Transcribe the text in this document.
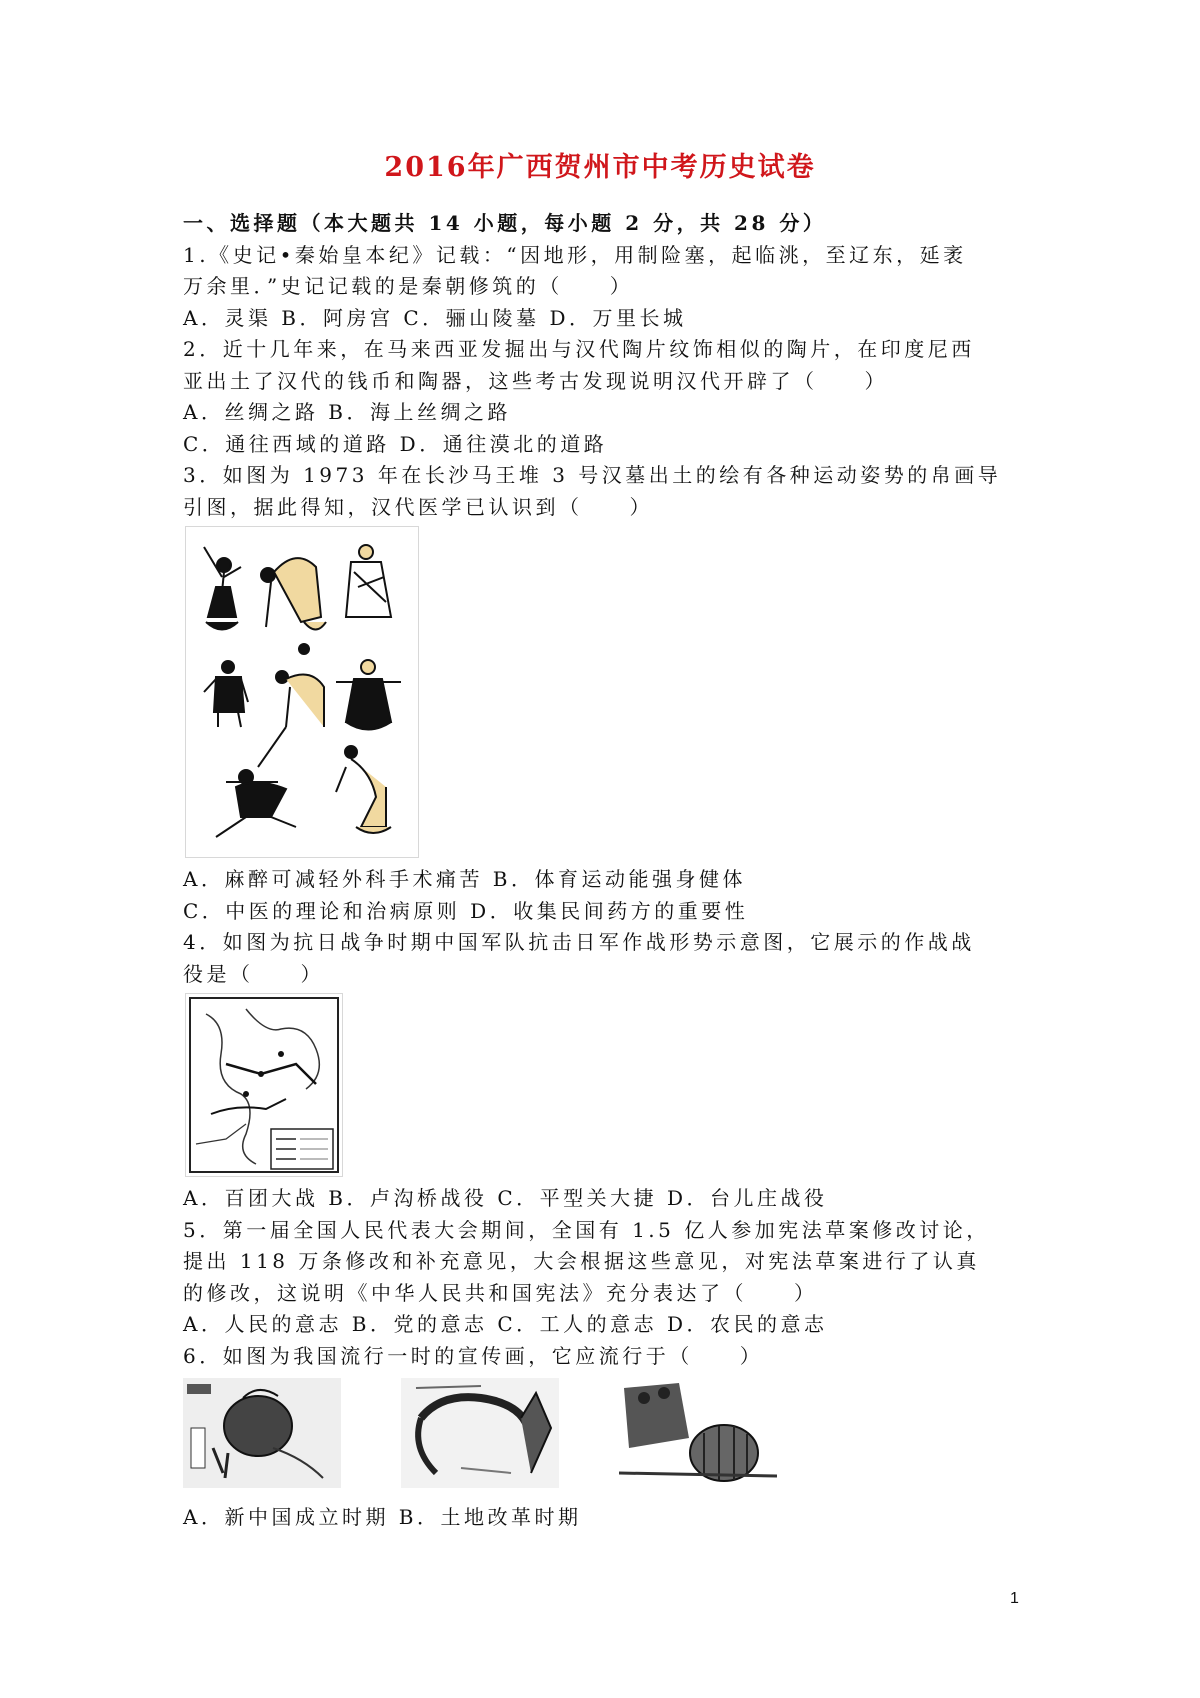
2016年广西贺州市中考历史试卷

一、选择题（本大题共 14 小题，每小题 2 分，共 28 分）

1.《史记•秦始皇本纪》记载：“因地形，用制险塞，起临洮，至辽东，延袤

万余里．”史记记载的是秦朝修筑的（　　）

A．灵渠 B．阿房宫 C．骊山陵墓 D．万里长城

2．近十几年来，在马来西亚发掘出与汉代陶片纹饰相似的陶片，在印度尼西

亚出土了汉代的钱币和陶器，这些考古发现说明汉代开辟了（　　）

A．丝绸之路 B．海上丝绸之路

C．通往西域的道路 D．通往漠北的道路

3．如图为 1973 年在长沙马王堆 3 号汉墓出土的绘有各种运动姿势的帛画导

引图，据此得知，汉代医学已认识到（　　）

A．麻醉可减轻外科手术痛苦 B．体育运动能强身健体

C．中医的理论和治病原则 D．收集民间药方的重要性

4．如图为抗日战争时期中国军队抗击日军作战形势示意图，它展示的作战战

役是（　　）

A．百团大战 B．卢沟桥战役 C．平型关大捷 D．台儿庄战役

5．第一届全国人民代表大会期间，全国有 1.5 亿人参加宪法草案修改讨论，

提出 118 万条修改和补充意见，大会根据这些意见，对宪法草案进行了认真

的修改，这说明《中华人民共和国宪法》充分表达了（　　）

A．人民的意志 B．党的意志 C．工人的意志 D．农民的意志

6．如图为我国流行一时的宣传画，它应流行于（　　）

A．新中国成立时期 B．土地改革时期

1
